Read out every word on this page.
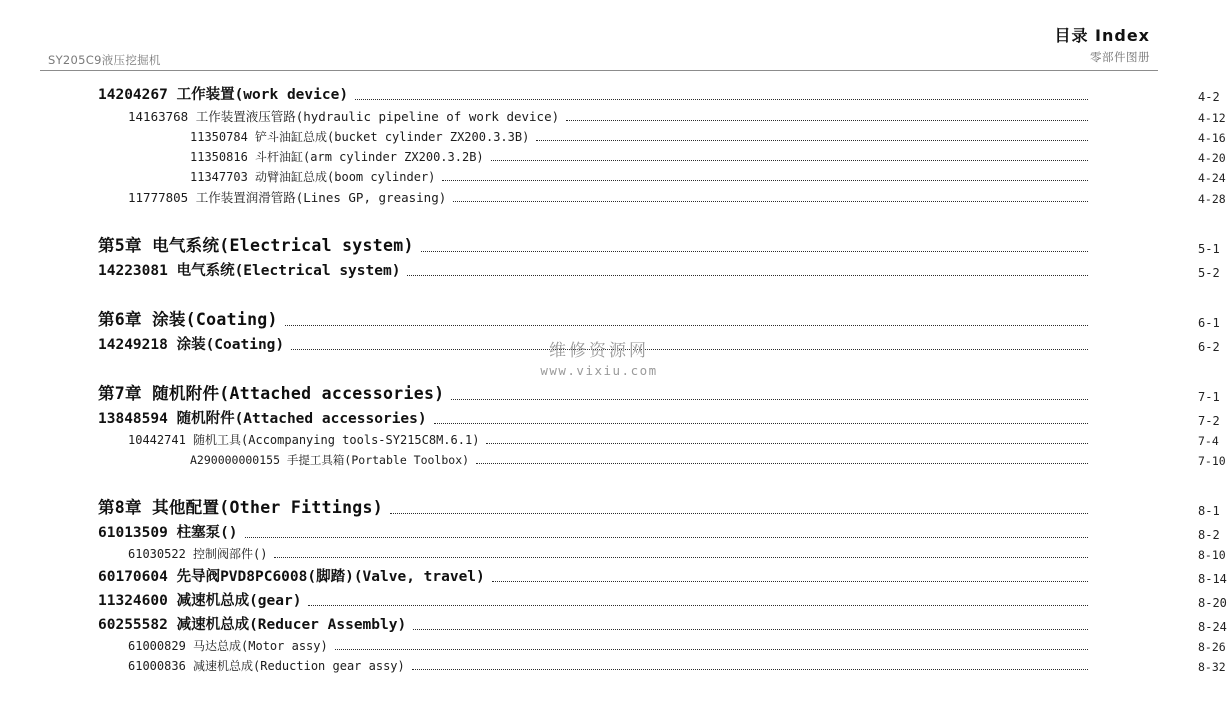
目录 Index
零部件图册
SY205C9液压挖掘机
14204267 工作装置(work device)	4-2
14163768 工作装置液压管路(hydraulic pipeline of work device)	4-12
11350784 铲斗油缸总成(bucket cylinder ZX200.3.3B)	4-16
11350816 斗杆油缸(arm cylinder ZX200.3.2B)	4-20
11347703 动臂油缸总成(boom cylinder)	4-24
11777805 工作装置润滑管路(Lines GP, greasing)	4-28
第5章 电气系统(Electrical system)	5-1
14223081 电气系统(Electrical system)	5-2
第6章 涂装(Coating)	6-1
14249218 涂装(Coating)	6-2
第7章 随机附件(Attached accessories)	7-1
13848594 随机附件(Attached accessories)	7-2
10442741 随机工具(Accompanying tools-SY215C8M.6.1)	7-4
A290000000155 手提工具箱(Portable Toolbox)	7-10
第8章 其他配置(Other Fittings)	8-1
61013509 柱塞泵()	8-2
61030522 控制阀部件()	8-10
60170604 先导阀PVD8PC6008(脚踏)(Valve, travel)	8-14
11324600 减速机总成(gear)	8-20
60255582 减速机总成(Reducer Assembly)	8-24
61000829 马达总成(Motor assy)	8-26
61000836 减速机总成(Reduction gear assy)	8-32
维修资源网
www.vixiu.com
